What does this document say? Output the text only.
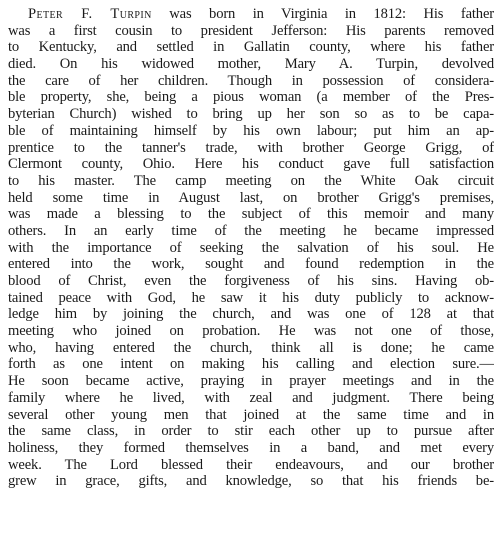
Peter F. Turpin was born in Virginia in 1812: His father
was a first cousin to president Jefferson: His parents removed
to Kentucky, and settled in Gallatin county, where his father
died. On his widowed mother, Mary A. Turpin, devolved
the care of her children. Though in possession of considera-
ble property, she, being a pious woman (a member of the Pres-
byterian Church) wished to bring up her son so as to be capa-
ble of maintaining himself by his own labour; put him an ap-
prentice to the tanner's trade, with brother George Grigg, of
Clermont county, Ohio. Here his conduct gave full satisfaction
to his master. The camp meeting on the White Oak circuit
held some time in August last, on brother Grigg's premises,
was made a blessing to the subject of this memoir and many
others. In an early time of the meeting he became impressed
with the importance of seeking the salvation of his soul. He
entered into the work, sought and found redemption in the
blood of Christ, even the forgiveness of his sins. Having ob-
tained peace with God, he saw it his duty publicly to acknow-
ledge him by joining the church, and was one of 128 at that
meeting who joined on probation. He was not one of those,
who, having entered the church, think all is done; he came
forth as one intent on making his calling and election sure.—
He soon became active, praying in prayer meetings and in the
family where he lived, with zeal and judgment. There being
several other young men that joined at the same time and in
the same class, in order to stir each other up to pursue after
holiness, they formed themselves in a band, and met every
week. The Lord blessed their endeavours, and our brother
grew in grace, gifts, and knowledge, so that his friends be-
